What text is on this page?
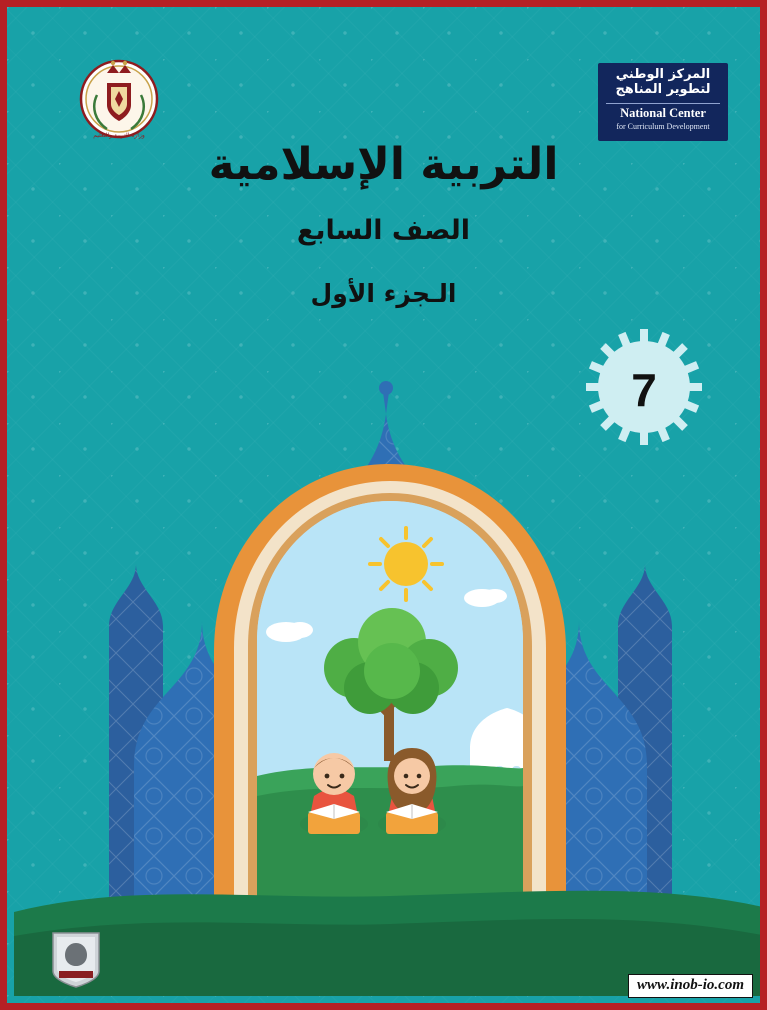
وزارة التربية والتعليم
المركز الوطني لتطوير المناهج
National Center
for Curriculum Development
التربية الإسلامية
الصف السابع
الـجزء الأول
7
www.inob-io.com
